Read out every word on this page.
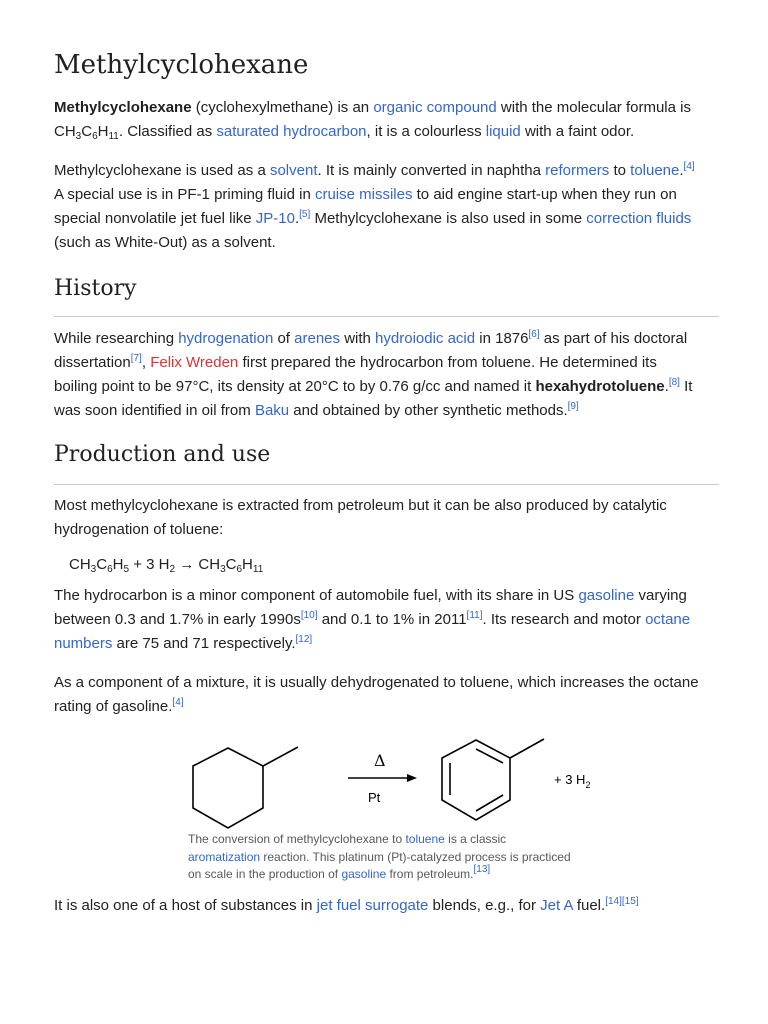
Methylcyclohexane

Methylcyclohexane (cyclohexylmethane) is an organic compound with the molecular formula is
$CH_3C_6H_{11}$. Classified as saturated hydrocarbon, it is a colourless liquid with a faint odor.

Methylcyclohexane is used as a solvent. It is mainly converted in naphtha reformers to toluene.[4]
A special use is in PF-1 priming fluid in cruise missiles to aid engine start-up when they run on
special nonvolatile jet fuel like JP-10.[5] Methylcyclohexane is also used in some correction fluids
(such as White-Out) as a solvent.

History

While researching hydrogenation of arenes with hydroiodic acid in 1876[6] as part of his doctoral
dissertation[7], Felix Wreden first prepared the hydrocarbon from toluene. He determined its
boiling point to be 97°C, its density at 20°C to by 0.76 g/cc and named it hexahydrotoluene.[8] It
was soon identified in oil from Baku and obtained by other synthetic methods.[9]

Production and use

Most methylcyclohexane is extracted from petroleum but it can be also produced by catalytic
hydrogenation of toluene:

$CH_3C_6H_5 + 3$ $H_2 \to CH_3C_6H_{11}$

The hydrocarbon is a minor component of automobile fuel, with its share in US gasoline varying
between 0.3 and 1.7% in early 1990s[10] and 0.1 to 1% in 2011[11]. Its research and motor octane
numbers are 75 and 71 respectively.[12]

As a component of a mixture, it is usually dehydrogenated to toluene, which increases the octane
rating of gasoline.[4]

Δ
Pt
+ 3 $H_2$
The conversion of methylcyclohexane to toluene is a classic
aromatization reaction. This platinum (Pt)-catalyzed process is practiced
on scale in the production of gasoline from petroleum.[13]

It is also one of a host of substances in jet fuel surrogate blends, e.g., for Jet A fuel.[14][15]
